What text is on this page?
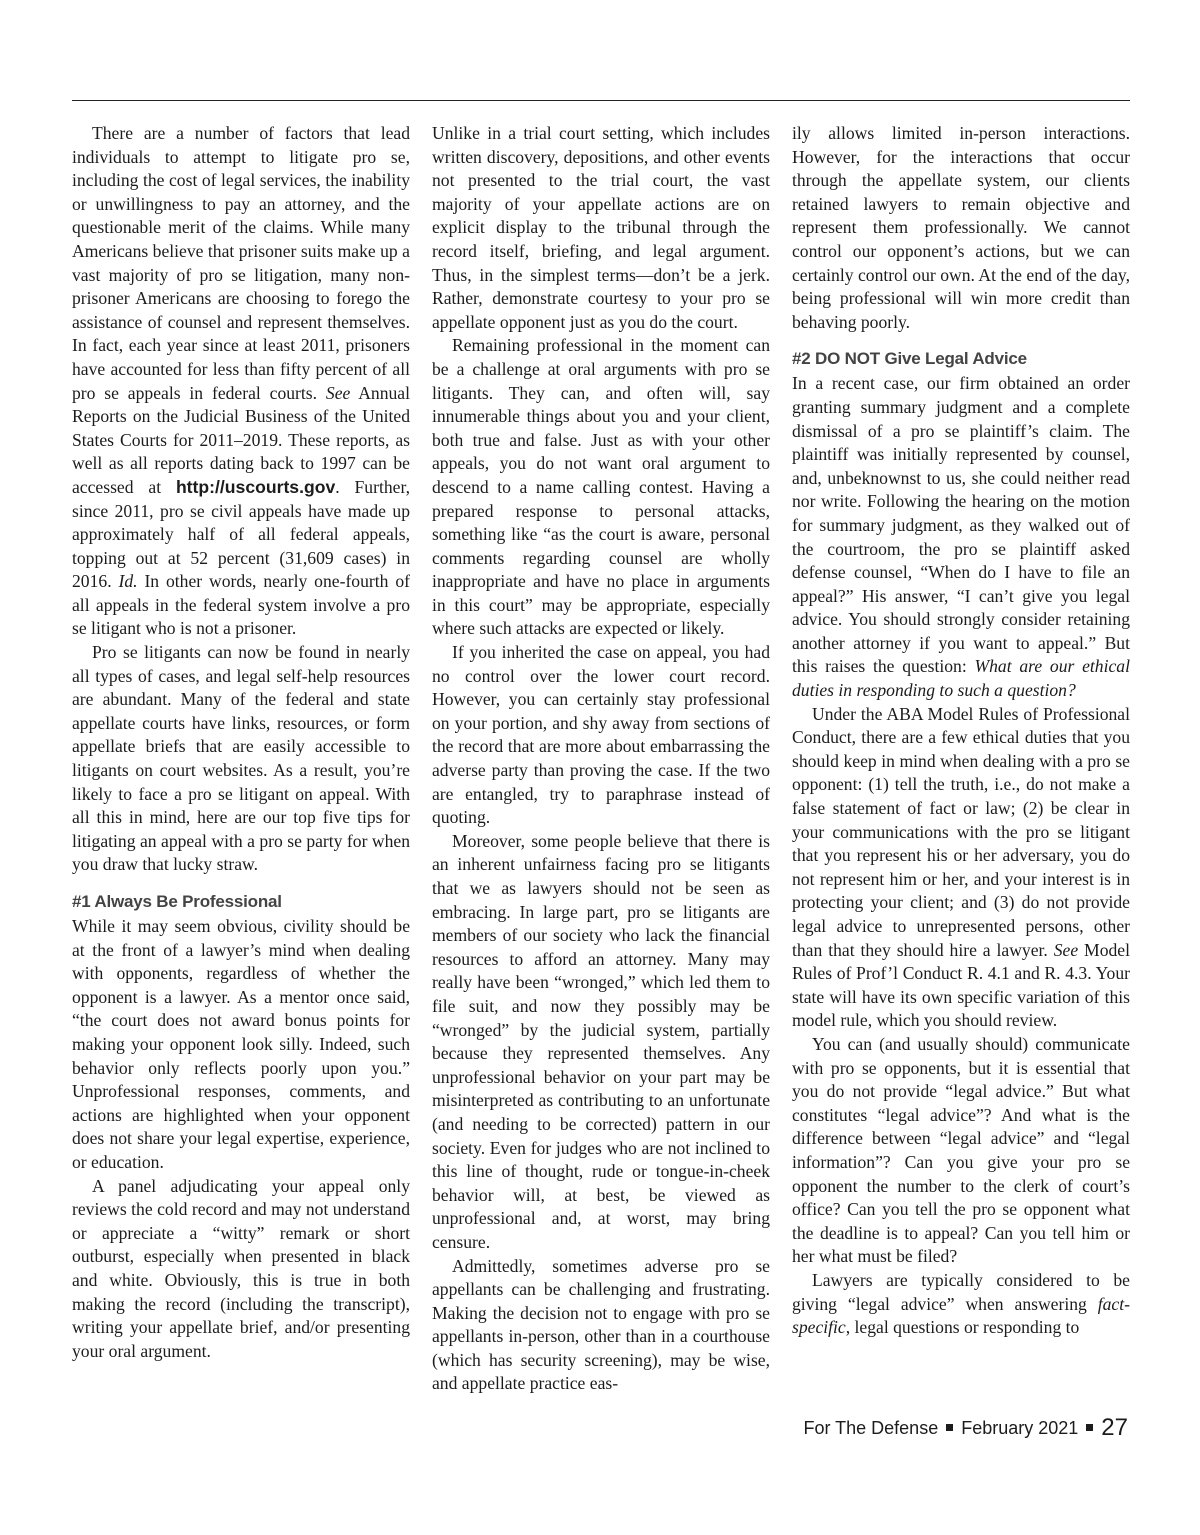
There are a number of factors that lead individuals to attempt to litigate pro se, including the cost of legal services, the inability or unwillingness to pay an attorney, and the questionable merit of the claims. While many Americans believe that prisoner suits make up a vast majority of pro se litigation, many non-prisoner Americans are choosing to forego the assistance of counsel and represent themselves. In fact, each year since at least 2011, prisoners have accounted for less than fifty percent of all pro se appeals in federal courts. See Annual Reports on the Judicial Business of the United States Courts for 2011–2019. These reports, as well as all reports dating back to 1997 can be accessed at http://uscourts.gov. Further, since 2011, pro se civil appeals have made up approximately half of all federal appeals, topping out at 52 percent (31,609 cases) in 2016. Id. In other words, nearly one-fourth of all appeals in the federal system involve a pro se litigant who is not a prisoner.

Pro se litigants can now be found in nearly all types of cases, and legal self-help resources are abundant. Many of the federal and state appellate courts have links, resources, or form appellate briefs that are easily accessible to litigants on court websites. As a result, you’re likely to face a pro se litigant on appeal. With all this in mind, here are our top five tips for litigating an appeal with a pro se party for when you draw that lucky straw.

#1 Always Be Professional

While it may seem obvious, civility should be at the front of a lawyer’s mind when dealing with opponents, regardless of whether the opponent is a lawyer. As a mentor once said, “the court does not award bonus points for making your opponent look silly. Indeed, such behavior only reflects poorly upon you.” Unprofessional responses, comments, and actions are highlighted when your opponent does not share your legal expertise, experience, or education.

A panel adjudicating your appeal only reviews the cold record and may not understand or appreciate a “witty” remark or short outburst, especially when presented in black and white. Obviously, this is true in both making the record (including the transcript), writing your appellate brief, and/or presenting your oral argument.

Unlike in a trial court setting, which includes written discovery, depositions, and other events not presented to the trial court, the vast majority of your appellate actions are on explicit display to the tribunal through the record itself, briefing, and legal argument. Thus, in the simplest terms—don’t be a jerk. Rather, demonstrate courtesy to your pro se appellate opponent just as you do the court.

Remaining professional in the moment can be a challenge at oral arguments with pro se litigants. They can, and often will, say innumerable things about you and your client, both true and false. Just as with your other appeals, you do not want oral argument to descend to a name calling contest. Having a prepared response to personal attacks, something like “as the court is aware, personal comments regarding counsel are wholly inappropriate and have no place in arguments in this court” may be appropriate, especially where such attacks are expected or likely.

If you inherited the case on appeal, you had no control over the lower court record. However, you can certainly stay professional on your portion, and shy away from sections of the record that are more about embarrassing the adverse party than proving the case. If the two are entangled, try to paraphrase instead of quoting.

Moreover, some people believe that there is an inherent unfairness facing pro se litigants that we as lawyers should not be seen as embracing. In large part, pro se litigants are members of our society who lack the financial resources to afford an attorney. Many may really have been “wronged,” which led them to file suit, and now they possibly may be “wronged” by the judicial system, partially because they represented themselves. Any unprofessional behavior on your part may be misinterpreted as contributing to an unfortunate (and needing to be corrected) pattern in our society. Even for judges who are not inclined to this line of thought, rude or tongue-in-cheek behavior will, at best, be viewed as unprofessional and, at worst, may bring censure.

Admittedly, sometimes adverse pro se appellants can be challenging and frustrating. Making the decision not to engage with pro se appellants in-person, other than in a courthouse (which has security screening), may be wise, and appellate practice eas-

ily allows limited in-person interactions. However, for the interactions that occur through the appellate system, our clients retained lawyers to remain objective and represent them professionally. We cannot control our opponent’s actions, but we can certainly control our own. At the end of the day, being professional will win more credit than behaving poorly.

#2 DO NOT Give Legal Advice

In a recent case, our firm obtained an order granting summary judgment and a complete dismissal of a pro se plaintiff’s claim. The plaintiff was initially represented by counsel, and, unbeknownst to us, she could neither read nor write. Following the hearing on the motion for summary judgment, as they walked out of the courtroom, the pro se plaintiff asked defense counsel, “When do I have to file an appeal?” His answer, “I can’t give you legal advice. You should strongly consider retaining another attorney if you want to appeal.” But this raises the question: What are our ethical duties in responding to such a question?

Under the ABA Model Rules of Professional Conduct, there are a few ethical duties that you should keep in mind when dealing with a pro se opponent: (1) tell the truth, i.e., do not make a false statement of fact or law; (2) be clear in your communications with the pro se litigant that you represent his or her adversary, you do not represent him or her, and your interest is in protecting your client; and (3) do not provide legal advice to unrepresented persons, other than that they should hire a lawyer. See Model Rules of Prof’l Conduct R. 4.1 and R. 4.3. Your state will have its own specific variation of this model rule, which you should review.

You can (and usually should) communicate with pro se opponents, but it is essential that you do not provide “legal advice.” But what constitutes “legal advice”? And what is the difference between “legal advice” and “legal information”? Can you give your pro se opponent the number to the clerk of court’s office? Can you tell the pro se opponent what the deadline is to appeal? Can you tell him or her what must be filed?

Lawyers are typically considered to be giving “legal advice” when answering fact-specific, legal questions or responding to

For The Defense February 2021 27
